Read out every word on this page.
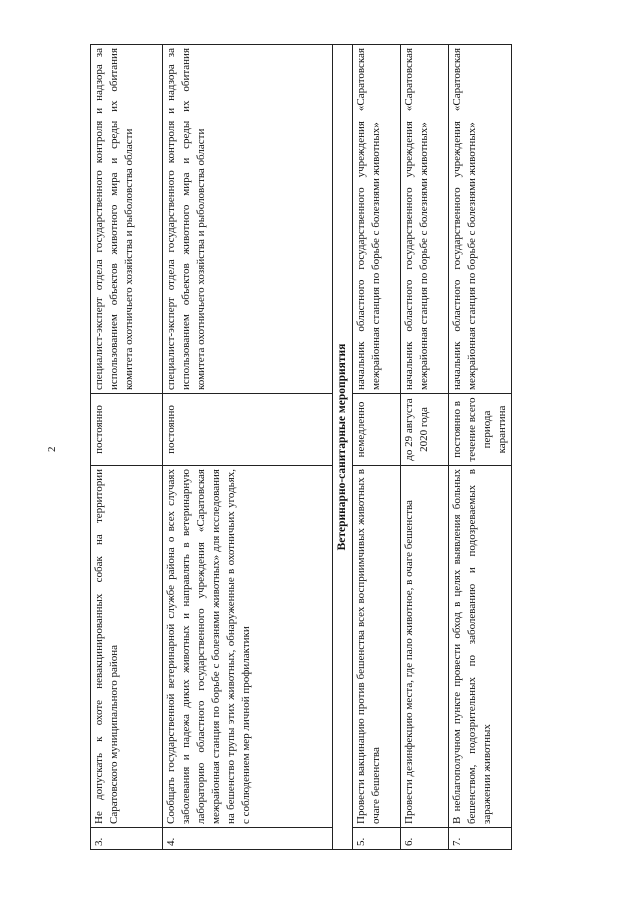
2
3.	Не допускать к охоте невакцинированных собак на территории Саратовского муниципального района	постоянно	специалист-эксперт отдела государственного контроля и надзора за использованием объектов животного мира и среды их обитания комитета охотничьего хозяйства и рыболовства области
4.	Сообщать государственной ветеринарной службе района о всех случаях заболевания и падежа диких животных и направлять в ветеринарную лабораторию областного государственного учреждения «Саратовская межрайонная станция по борьбе с болезнями животных» для исследования на бешенство трупы этих животных, обнаруженные в охотничьих угодьях, с соблюдением мер личной профилактики	постоянно	специалист-эксперт отдела государственного контроля и надзора за использованием объектов животного мира и среды их обитания комитета охотничьего хозяйства и рыболовства области
Ветеринарно-санитарные мероприятия			
5.	Провести вакцинацию против бешенства всех восприимчивых животных в очаге бешенства	немедленно	начальник областного государственного учреждения «Саратовская межрайонная станция по борьбе с болезнями животных»
6.	Провести дезинфекцию места, где пало животное, в очаге бешенства	до 29 августа 2020 года	начальник областного государственного учреждения «Саратовская межрайонная станция по борьбе с болезнями животных»
7.	В неблагополучном пункте провести обход в целях выявления больных бешенством, подозрительных по заболеванию и подозреваемых в заражении животных	постоянно в течение всего периода карантина	начальник областного государственного учреждения «Саратовская межрайонная станция по борьбе с болезнями животных»
